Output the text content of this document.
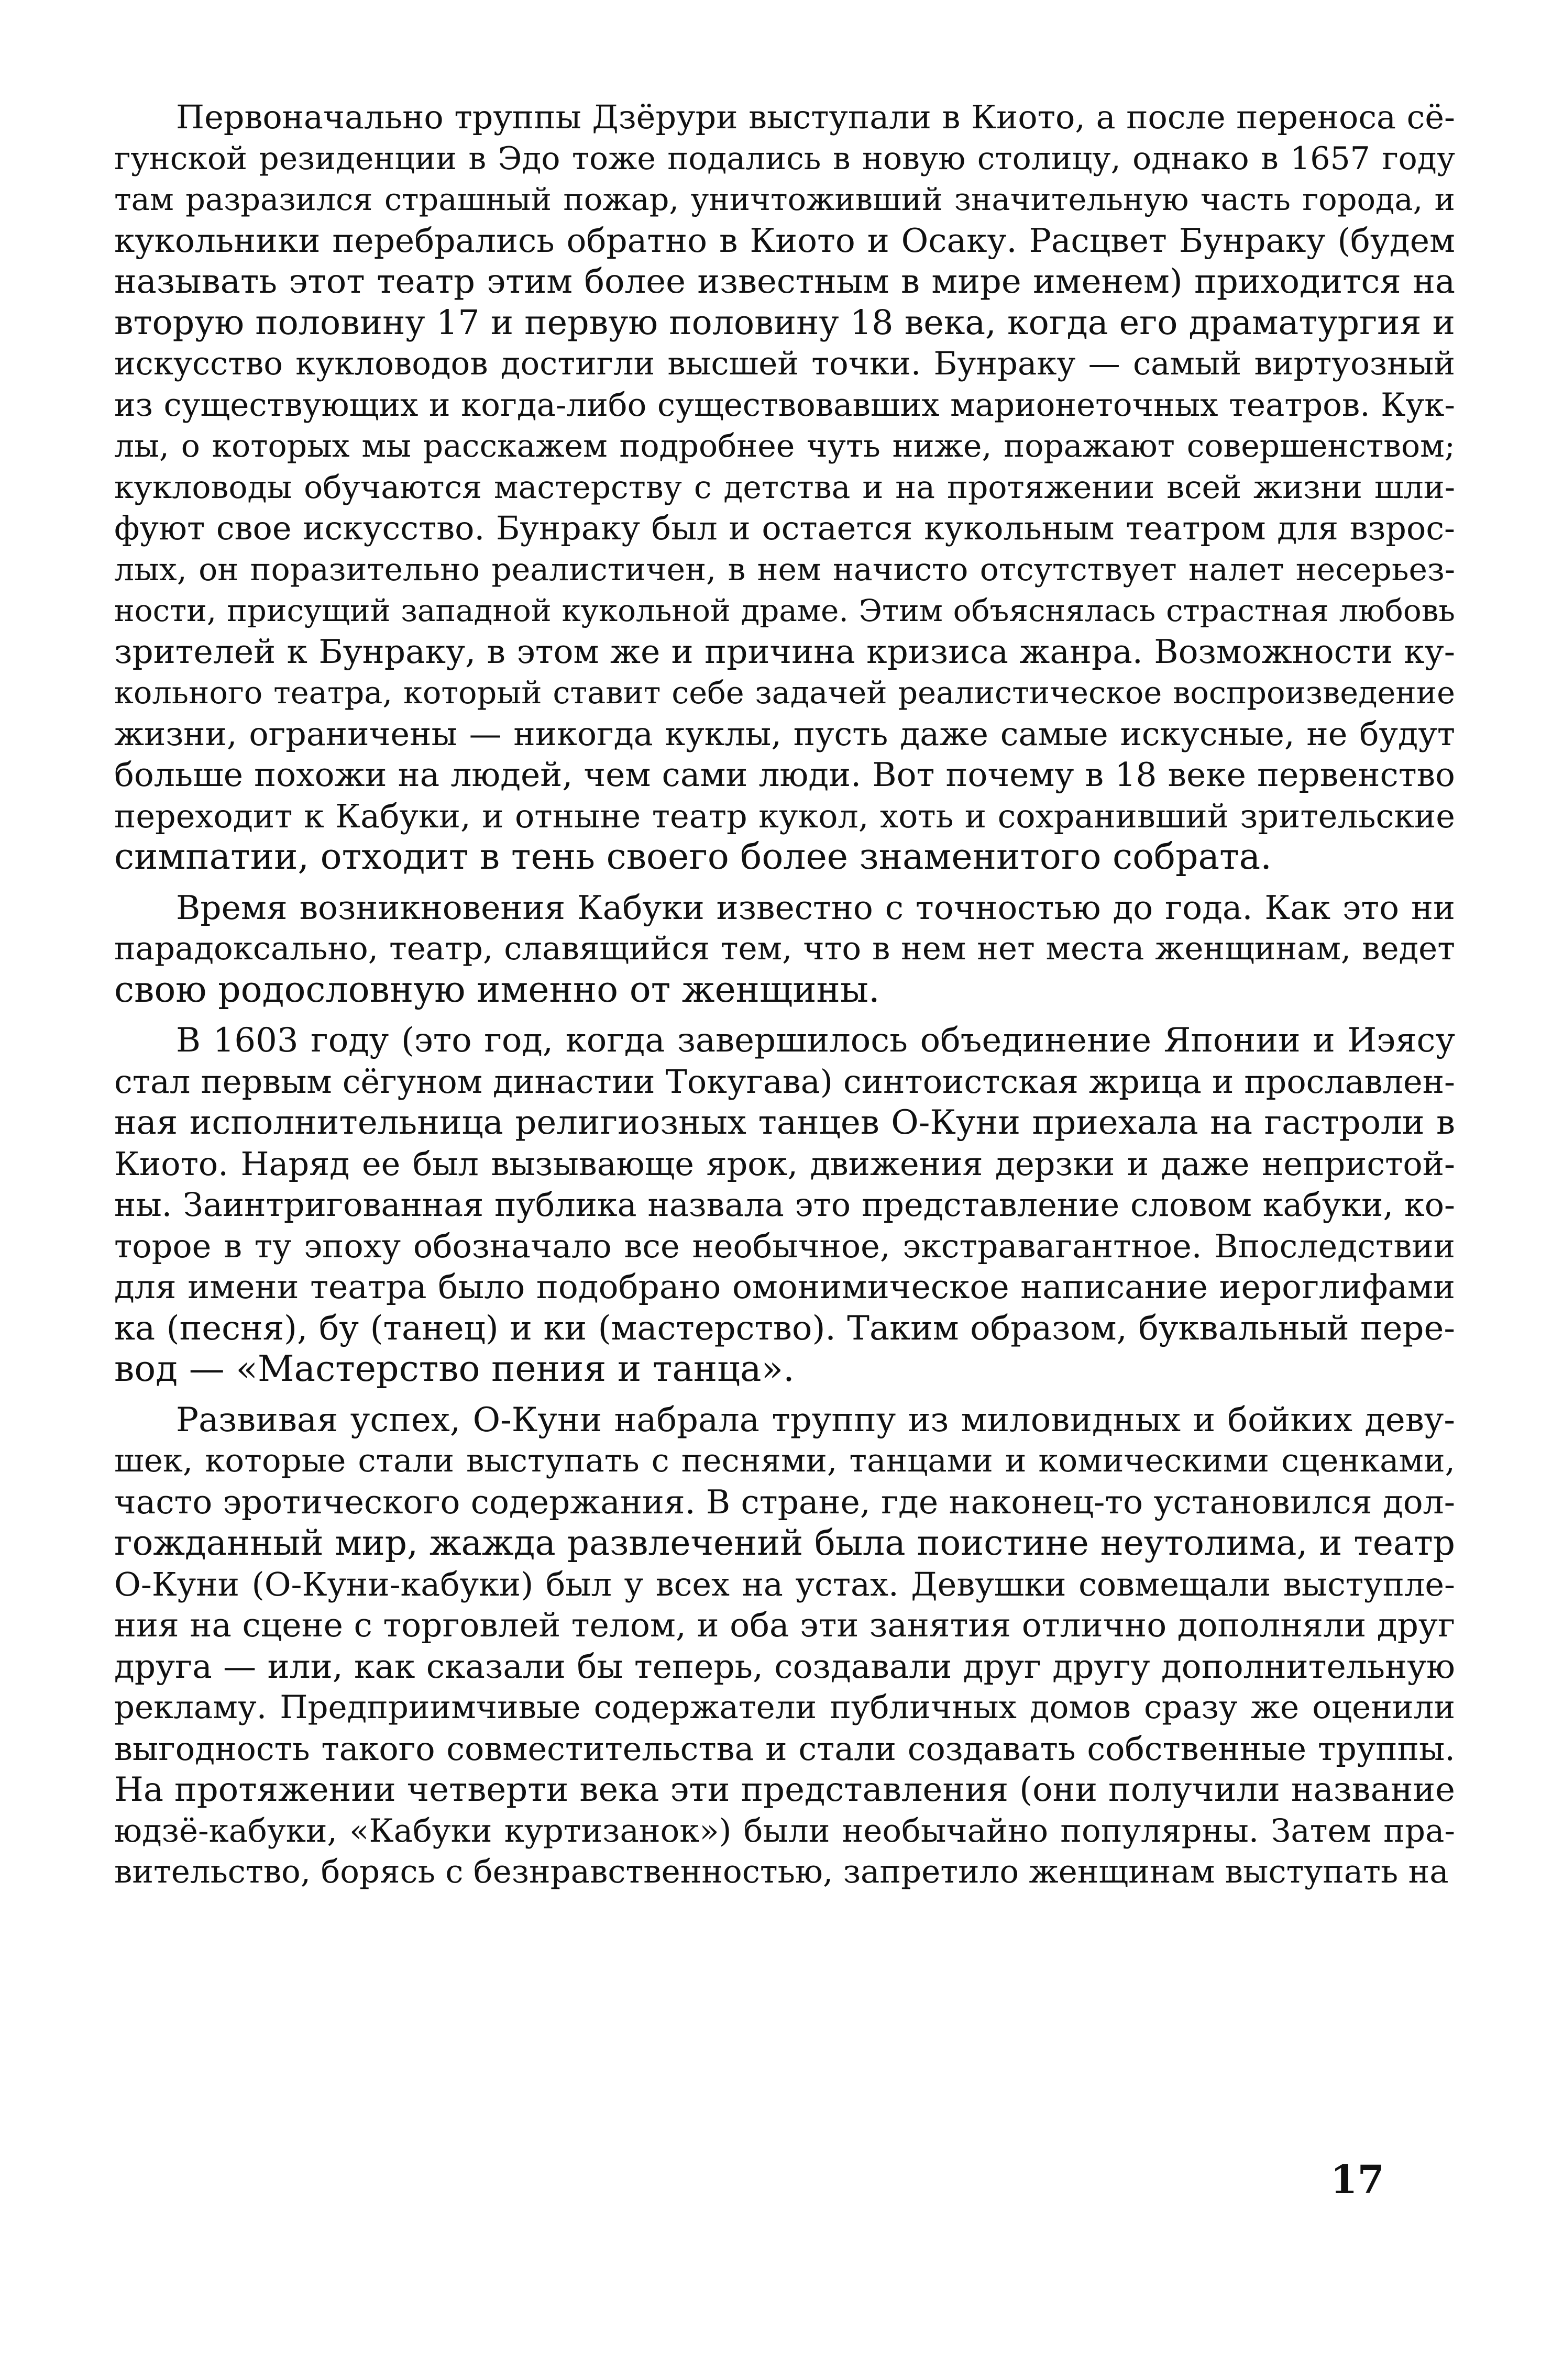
Первоначально труппы Дзёрури выступали в Киото, а после переноса сё-
гунской резиденции в Эдо тоже подались в новую столицу, однако в 1657 году
там разразился страшный пожар, уничтоживший значительную часть города, и
кукольники перебрались обратно в Киото и Осаку. Расцвет Бунраку (будем
называть этот театр этим более известным в мире именем) приходится на
вторую половину 17 и первую половину 18 века, когда его драматургия и
искусство кукловодов достигли высшей точки. Бунраку — самый виртуозный
из существующих и когда-либо существовавших марионеточных театров. Кук-
лы, о которых мы расскажем подробнее чуть ниже, поражают совершенством;
кукловоды обучаются мастерству с детства и на протяжении всей жизни шли-
фуют свое искусство. Бунраку был и остается кукольным театром для взрос-
лых, он поразительно реалистичен, в нем начисто отсутствует налет несерьез-
ности, присущий западной кукольной драме. Этим объяснялась страстная любовь
зрителей к Бунраку, в этом же и причина кризиса жанра. Возможности ку-
кольного театра, который ставит себе задачей реалистическое воспроизведение
жизни, ограничены — никогда куклы, пусть даже самые искусные, не будут
больше похожи на людей, чем сами люди. Вот почему в 18 веке первенство
переходит к Кабуки, и отныне театр кукол, хоть и сохранивший зрительские
симпатии, отходит в тень своего более знаменитого собрата.
Время возникновения Кабуки известно с точностью до года. Как это ни
парадоксально, театр, славящийся тем, что в нем нет места женщинам, ведет
свою родословную именно от женщины.
В 1603 году (это год, когда завершилось объединение Японии и Иэясу
стал первым сёгуном династии Токугава) синтоистская жрица и прославлен-
ная исполнительница религиозных танцев О-Куни приехала на гастроли в
Киото. Наряд ее был вызывающе ярок, движения дерзки и даже непристой-
ны. Заинтригованная публика назвала это представление словом кабуки, ко-
торое в ту эпоху обозначало все необычное, экстравагантное. Впоследствии
для имени театра было подобрано омонимическое написание иероглифами
ка (песня), бу (танец) и ки (мастерство). Таким образом, буквальный пере-
вод — «Мастерство пения и танца».
Развивая успех, О-Куни набрала труппу из миловидных и бойких деву-
шек, которые стали выступать с песнями, танцами и комическими сценками,
часто эротического содержания. В стране, где наконец-то установился дол-
гожданный мир, жажда развлечений была поистине неутолима, и театр
О-Куни (О-Куни-кабуки) был у всех на устах. Девушки совмещали выступле-
ния на сцене с торговлей телом, и оба эти занятия отлично дополняли друг
друга — или, как сказали бы теперь, создавали друг другу дополнительную
рекламу. Предприимчивые содержатели публичных домов сразу же оценили
выгодность такого совместительства и стали создавать собственные труппы.
На протяжении четверти века эти представления (они получили название
юдзё-кабуки, «Кабуки куртизанок») были необычайно популярны. Затем пра-
вительство, борясь с безнравственностью, запретило женщинам выступать на
17
